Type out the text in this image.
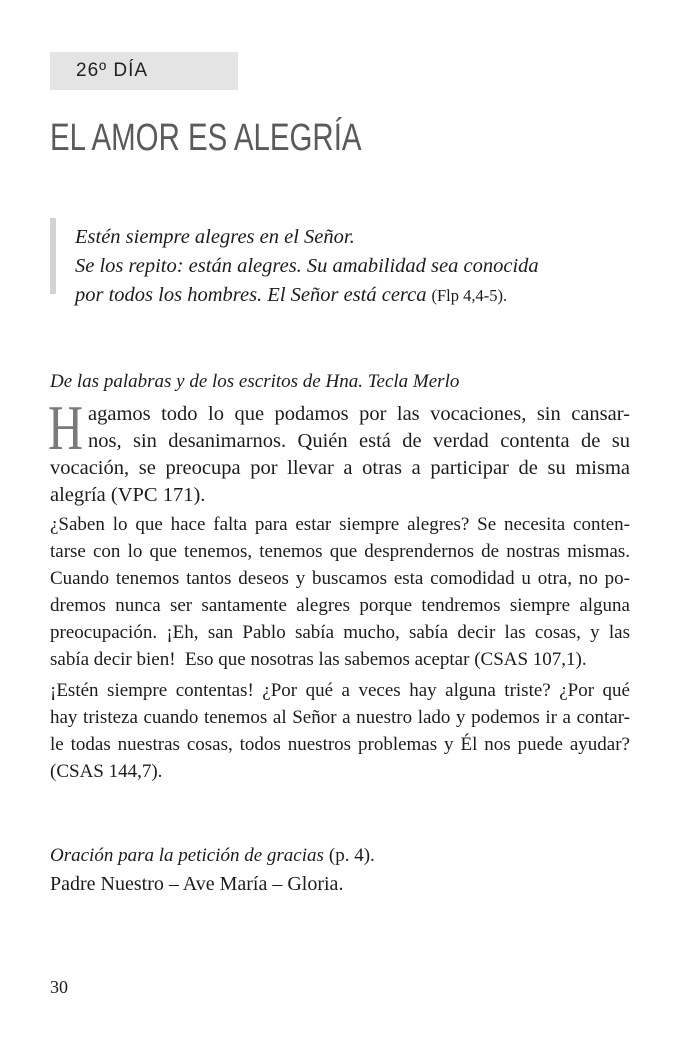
26º DÍA
EL AMOR ES ALEGRÍA
Estén siempre alegres en el Señor.
Se los repito: están alegres. Su amabilidad sea conocida
por todos los hombres. El Señor está cerca (Flp 4,4-5).
De las palabras y de los escritos de Hna. Tecla Merlo
H agamos todo lo que podamos por las vocaciones, sin cansar-
nos, sin desanimarnos. Quién está de verdad contenta de su
vocación, se preocupa por llevar a otras a participar de su misma
alegría (VPC 171).
¿Saben lo que hace falta para estar siempre alegres? Se necesita conten-
tarse con lo que tenemos, tenemos que desprendernos de nostras mismas.
Cuando tenemos tantos deseos y buscamos esta comodidad u otra, no po-
dremos nunca ser santamente alegres porque tendremos siempre alguna
preocupación. ¡Eh, san Pablo sabía mucho, sabía decir las cosas, y las
sabía decir bien!  Eso que nosotras las sabemos aceptar (CSAS 107,1).
¡Estén siempre contentas! ¿Por qué a veces hay alguna triste? ¿Por qué
hay tristeza cuando tenemos al Señor a nuestro lado y podemos ir a contar-
le todas nuestras cosas, todos nuestros problemas y Él nos puede ayudar?
(CSAS 144,7).
Oración para la petición de gracias (p. 4).
Padre Nuestro – Ave María – Gloria.
30
